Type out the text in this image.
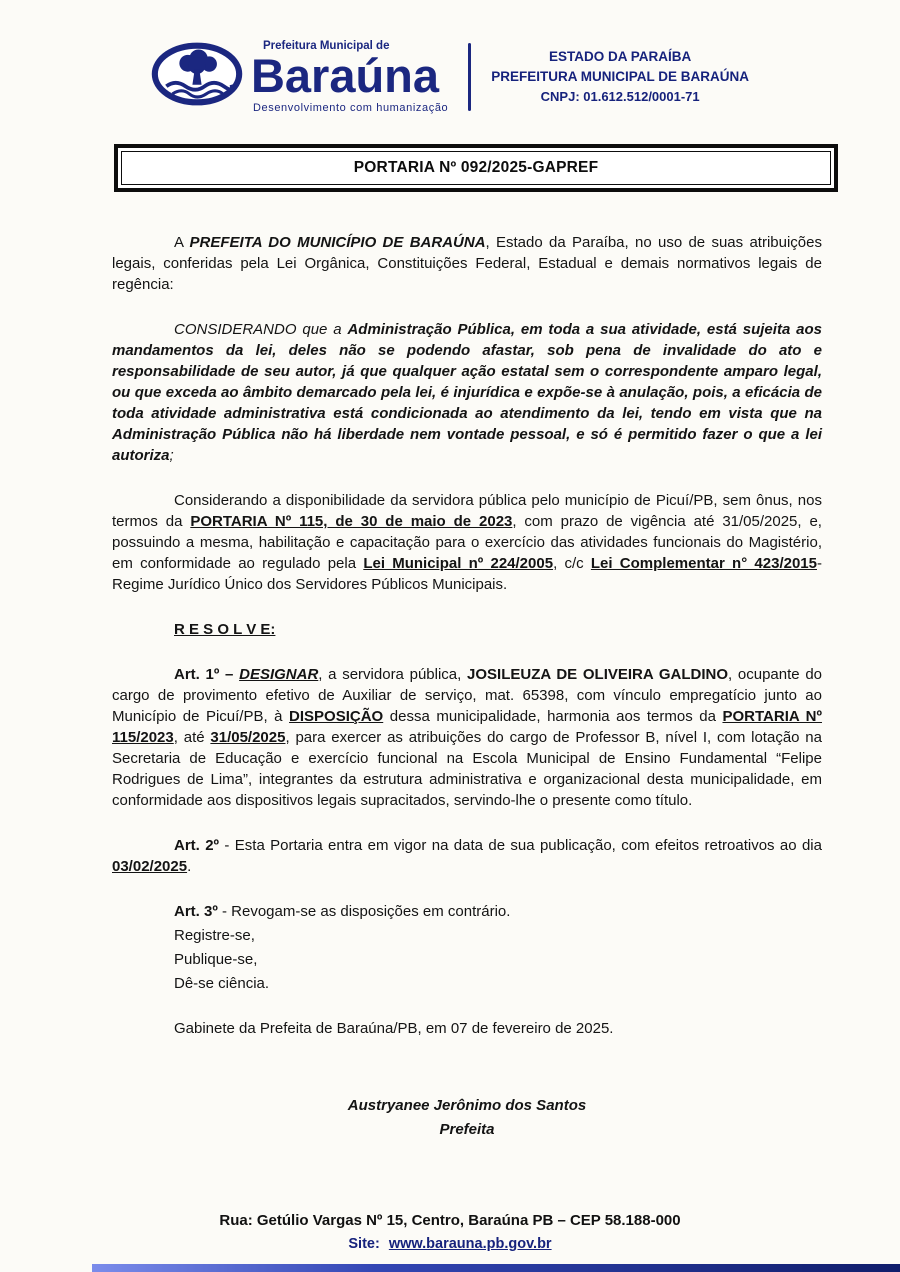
Prefeitura Municipal de
Baraúna
Desenvolvimento com humanização
ESTADO DA PARAÍBA
PREFEITURA MUNICIPAL DE BARAÚNA
CNPJ: 01.612.512/0001-71
PORTARIA Nº 092/2025-GAPREF

A PREFEITA DO MUNICÍPIO DE BARAÚNA, Estado da Paraíba, no uso de suas atribuições legais, conferidas pela Lei Orgânica, Constituições Federal, Estadual e demais normativos legais de regência:

CONSIDERANDO que a Administração Pública, em toda a sua atividade, está sujeita aos mandamentos da lei, deles não se podendo afastar, sob pena de invalidade do ato e responsabilidade de seu autor, já que qualquer ação estatal sem o correspondente amparo legal, ou que exceda ao âmbito demarcado pela lei, é injurídica e expõe-se à anulação, pois, a eficácia de toda atividade administrativa está condicionada ao atendimento da lei, tendo em vista que na Administração Pública não há liberdade nem vontade pessoal, e só é permitido fazer o que a lei autoriza;

Considerando a disponibilidade da servidora pública pelo município de Picuí/PB, sem ônus, nos termos da PORTARIA Nº 115, de 30 de maio de 2023, com prazo de vigência até 31/05/2025, e, possuindo a mesma, habilitação e capacitação para o exercício das atividades funcionais do Magistério, em conformidade ao regulado pela Lei Municipal nº 224/2005, c/c Lei Complementar n° 423/2015-Regime Jurídico Único dos Servidores Públicos Municipais.

R E S O L V E:

Art. 1º – DESIGNAR, a servidora pública, JOSILEUZA DE OLIVEIRA GALDINO, ocupante do cargo de provimento efetivo de Auxiliar de serviço, mat. 65398, com vínculo empregatício junto ao Município de Picuí/PB, à DISPOSIÇÃO dessa municipalidade, harmonia aos termos da PORTARIA Nº 115/2023, até 31/05/2025, para exercer as atribuições do cargo de Professor B, nível I, com lotação na Secretaria de Educação e exercício funcional na Escola Municipal de Ensino Fundamental “Felipe Rodrigues de Lima”, integrantes da estrutura administrativa e organizacional desta municipalidade, em conformidade aos dispositivos legais supracitados, servindo-lhe o presente como título.

Art. 2º - Esta Portaria entra em vigor na data de sua publicação, com efeitos retroativos ao dia 03/02/2025.

Art. 3º - Revogam-se as disposições em contrário.

Registre-se,

Publique-se,

Dê-se ciência.

Gabinete da Prefeita de Baraúna/PB, em 07 de fevereiro de 2025.

Austryanee Jerônimo dos Santos

Prefeita

Rua: Getúlio Vargas Nº 15, Centro, Baraúna PB – CEP 58.188-000
Site: www.barauna.pb.gov.br
